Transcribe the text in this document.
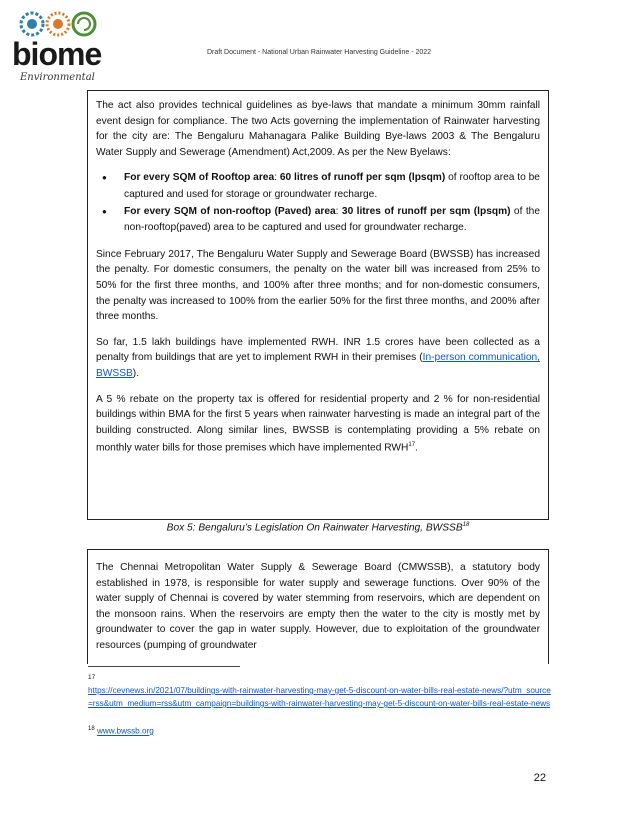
biome
Environmental
Draft Document - National Urban Rainwater Harvesting Guideline - 2022

The act also provides technical guidelines as bye-laws that mandate a minimum 30mm rainfall event design for compliance. The two Acts governing the implementation of Rainwater harvesting for the city are: The Bengaluru Mahanagara Palike Building Bye-laws 2003 & The Bengaluru Water Supply and Sewerage (Amendment) Act,2009. As per the New Byelaws:

● For every SQM of Rooftop area: 60 litres of runoff per sqm (lpsqm) of rooftop area to be captured and used for storage or groundwater recharge.
● For every SQM of non-rooftop (Paved) area: 30 litres of runoff per sqm (lpsqm) of the non-rooftop(paved) area to be captured and used for groundwater recharge.

Since February 2017, The Bengaluru Water Supply and Sewerage Board (BWSSB) has increased the penalty. For domestic consumers, the penalty on the water bill was increased from 25% to 50% for the first three months, and 100% after three months; and for non-domestic consumers, the penalty was increased to 100% from the earlier 50% for the first three months, and 200% after three months.

So far, 1.5 lakh buildings have implemented RWH. INR 1.5 crores have been collected as a penalty from buildings that are yet to implement RWH in their premises (In-person communication, BWSSB).

A 5 % rebate on the property tax is offered for residential property and 2 % for non-residential buildings within BMA for the first 5 years when rainwater harvesting is made an integral part of the building constructed. Along similar lines, BWSSB is contemplating providing a 5% rebate on monthly water bills for those premises which have implemented RWH$^{17}$.

Box 5: Bengaluru’s Legislation On Rainwater Harvesting, BWSSB$^{18}$

The Chennai Metropolitan Water Supply & Sewerage Board (CMWSSB), a statutory body established in 1978, is responsible for water supply and sewerage functions. Over 90% of the water supply of Chennai is covered by water stemming from reservoirs, which are dependent on the monsoon rains. When the reservoirs are empty then the water to the city is mostly met by groundwater to cover the gap in water supply. However, due to exploitation of the groundwater resources (pumping of groundwater

17
https://cevnews.in/2021/07/buildings-with-rainwater-harvesting-may-get-5-discount-on-water-bills-real-estate-news/?utm_source=rss&utm_medium=rss&utm_campaign=buildings-with-rainwater-harvesting-may-get-5-discount-on-water-bills-real-estate-news
$^{18}$ www.bwssb.org
22
